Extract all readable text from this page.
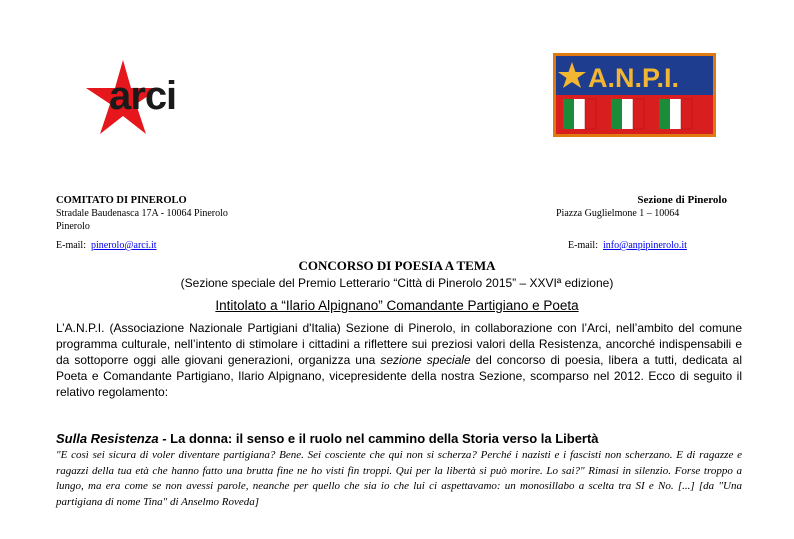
arci	A.N.P.I.
COMITATO DI PINEROLO
Stradale Baudenasca 17A - 10064 Pinerolo
Pinerolo
E-mail: pinerolo@arci.it
Sezione di Pinerolo
Piazza Guglielmone 1 – 10064
E-mail: info@anpipinerolo.it
CONCORSO DI POESIA A TEMA
(Sezione speciale del Premio Letterario “Città di Pinerolo 2015” – XXVIª edizione)
Intitolato a “Ilario Alpignano” Comandante Partigiano e Poeta
L’A.N.P.I. (Associazione Nazionale Partigiani d'Italia) Sezione di Pinerolo, in collaborazione con l’Arci, nell’ambito del comune programma culturale, nell’intento di stimolare i cittadini a riflettere sui preziosi valori della Resistenza, ancorché indispensabili e da sottoporre oggi alle giovani generazioni, organizza una sezione speciale del concorso di poesia, libera a tutti, dedicata al Poeta e Comandante Partigiano, Ilario Alpignano, vicepresidente della nostra Sezione, scomparso nel 2012. Ecco di seguito il relativo regolamento:
Sulla Resistenza - La donna: il senso e il ruolo nel cammino della Storia verso la Libertà
"E così sei sicura di voler diventare partigiana? Bene. Sei cosciente che qui non si scherza? Perché i nazisti e i fascisti non scherzano. E di ragazze e ragazzi della tua età che hanno fatto una brutta fine ne ho visti fin troppi. Qui per la libertà si può morire. Lo sai?" Rimasi in silenzio. Forse troppo a lungo, ma era come se non avessi parole, neanche per quello che sia io che lui ci aspettavamo: un monosillabo a scelta tra SI e No. [...] [da "Una partigiana di nome Tina" di Anselmo Roveda]
